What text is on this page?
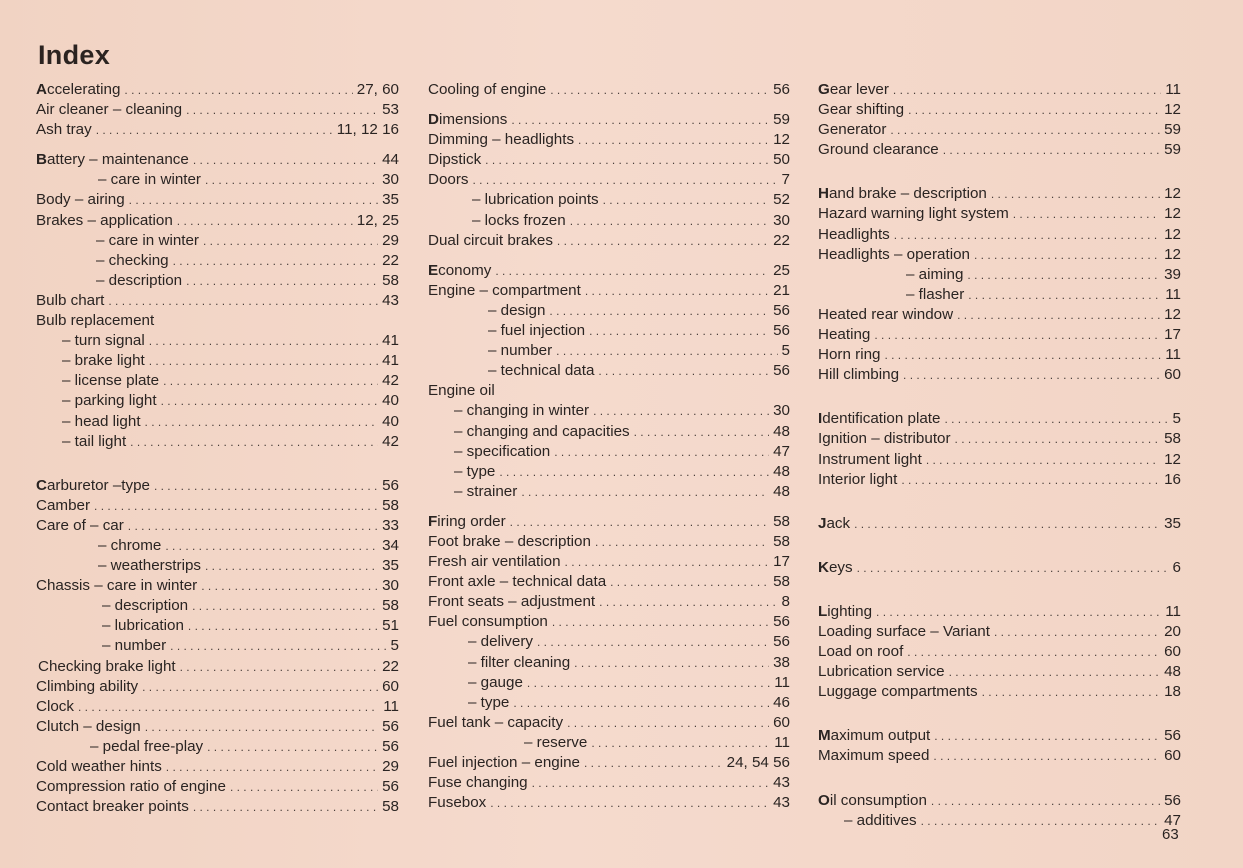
Index
Accelerating . . .	27, 60
Air cleaner – cleaning . . .	53
Ash tray . . .	11, 12 16
Battery – maintenance . . .	44
– care in winter . . .	30
Body – airing . . .	35
Brakes – application . . .	12, 25
– care in winter . . .	29
– checking . . .	22
– description . . .	58
Bulb chart . . .	43
Bulb replacement
– turn signal . . .	41
– brake light . . .	41
– license plate . . .	42
– parking light . . .	40
– head light . . .	40
– tail light . . .	42
Carburetor –type . . .	56
Camber . . .	58
Care of – car . . .	33
– chrome . . .	34
– weatherstrips . . .	35
Chassis – care in winter . . .	30
– description . . .	58
– lubrication . . .	51
– number . . .	5
Checking brake light . . .	22
Climbing ability . . .	60
Clock . . .	11
Clutch – design . . .	56
– pedal free-play . . .	56
Cold weather hints . . .	29
Compression ratio of engine . . .	56
Contact breaker points . . .	58
Cooling of engine . . .	56
Dimensions . . .	59
Dimming – headlights . . .	12
Dipstick . . .	50
Doors . . .	7
– lubrication points . . .	52
– locks frozen . . .	30
Dual circuit brakes . . .	22
Economy . . .	25
Engine – compartment . . .	21
– design . . .	56
– fuel injection . . .	56
– number . . .	5
– technical data . . .	56
Engine oil
– changing in winter . . .	30
– changing and capacities . . .	48
– specification . . .	47
– type . . .	48
– strainer . . .	48
Firing order . . .	58
Foot brake – description . . .	58
Fresh air ventilation . . .	17
Front axle – technical data . . .	58
Front seats – adjustment . . .	8
Fuel consumption . . .	56
– delivery . . .	56
– filter cleaning . . .	38
– gauge . . .	11
– type . . .	46
Fuel tank – capacity . . .	60
– reserve . . .	11
Fuel injection – engine . . .	24, 54 56
Fuse changing . . .	43
Fusebox . . .	43
Gear lever . . .	11
Gear shifting . . .	12
Generator . . .	59
Ground clearance . . .	59
Hand brake – description . . .	12
Hazard warning light system . . .	12
Headlights . . .	12
Headlights – operation . . .	12
– aiming . . .	39
– flasher . . .	11
Heated rear window . . .	12
Heating . . .	17
Horn ring . . .	11
Hill climbing . . .	60
Identification plate . . .	5
Ignition – distributor . . .	58
Instrument light . . .	12
Interior light . . .	16
Jack . . .	35
Keys . . .	6
Lighting . . .	11
Loading surface – Variant . . .	20
Load on roof . . .	60
Lubrication service . . .	48
Luggage compartments . . .	18
Maximum output . . .	56
Maximum speed . . .	60
Oil consumption . . .	56
– additives . . .	47
63
